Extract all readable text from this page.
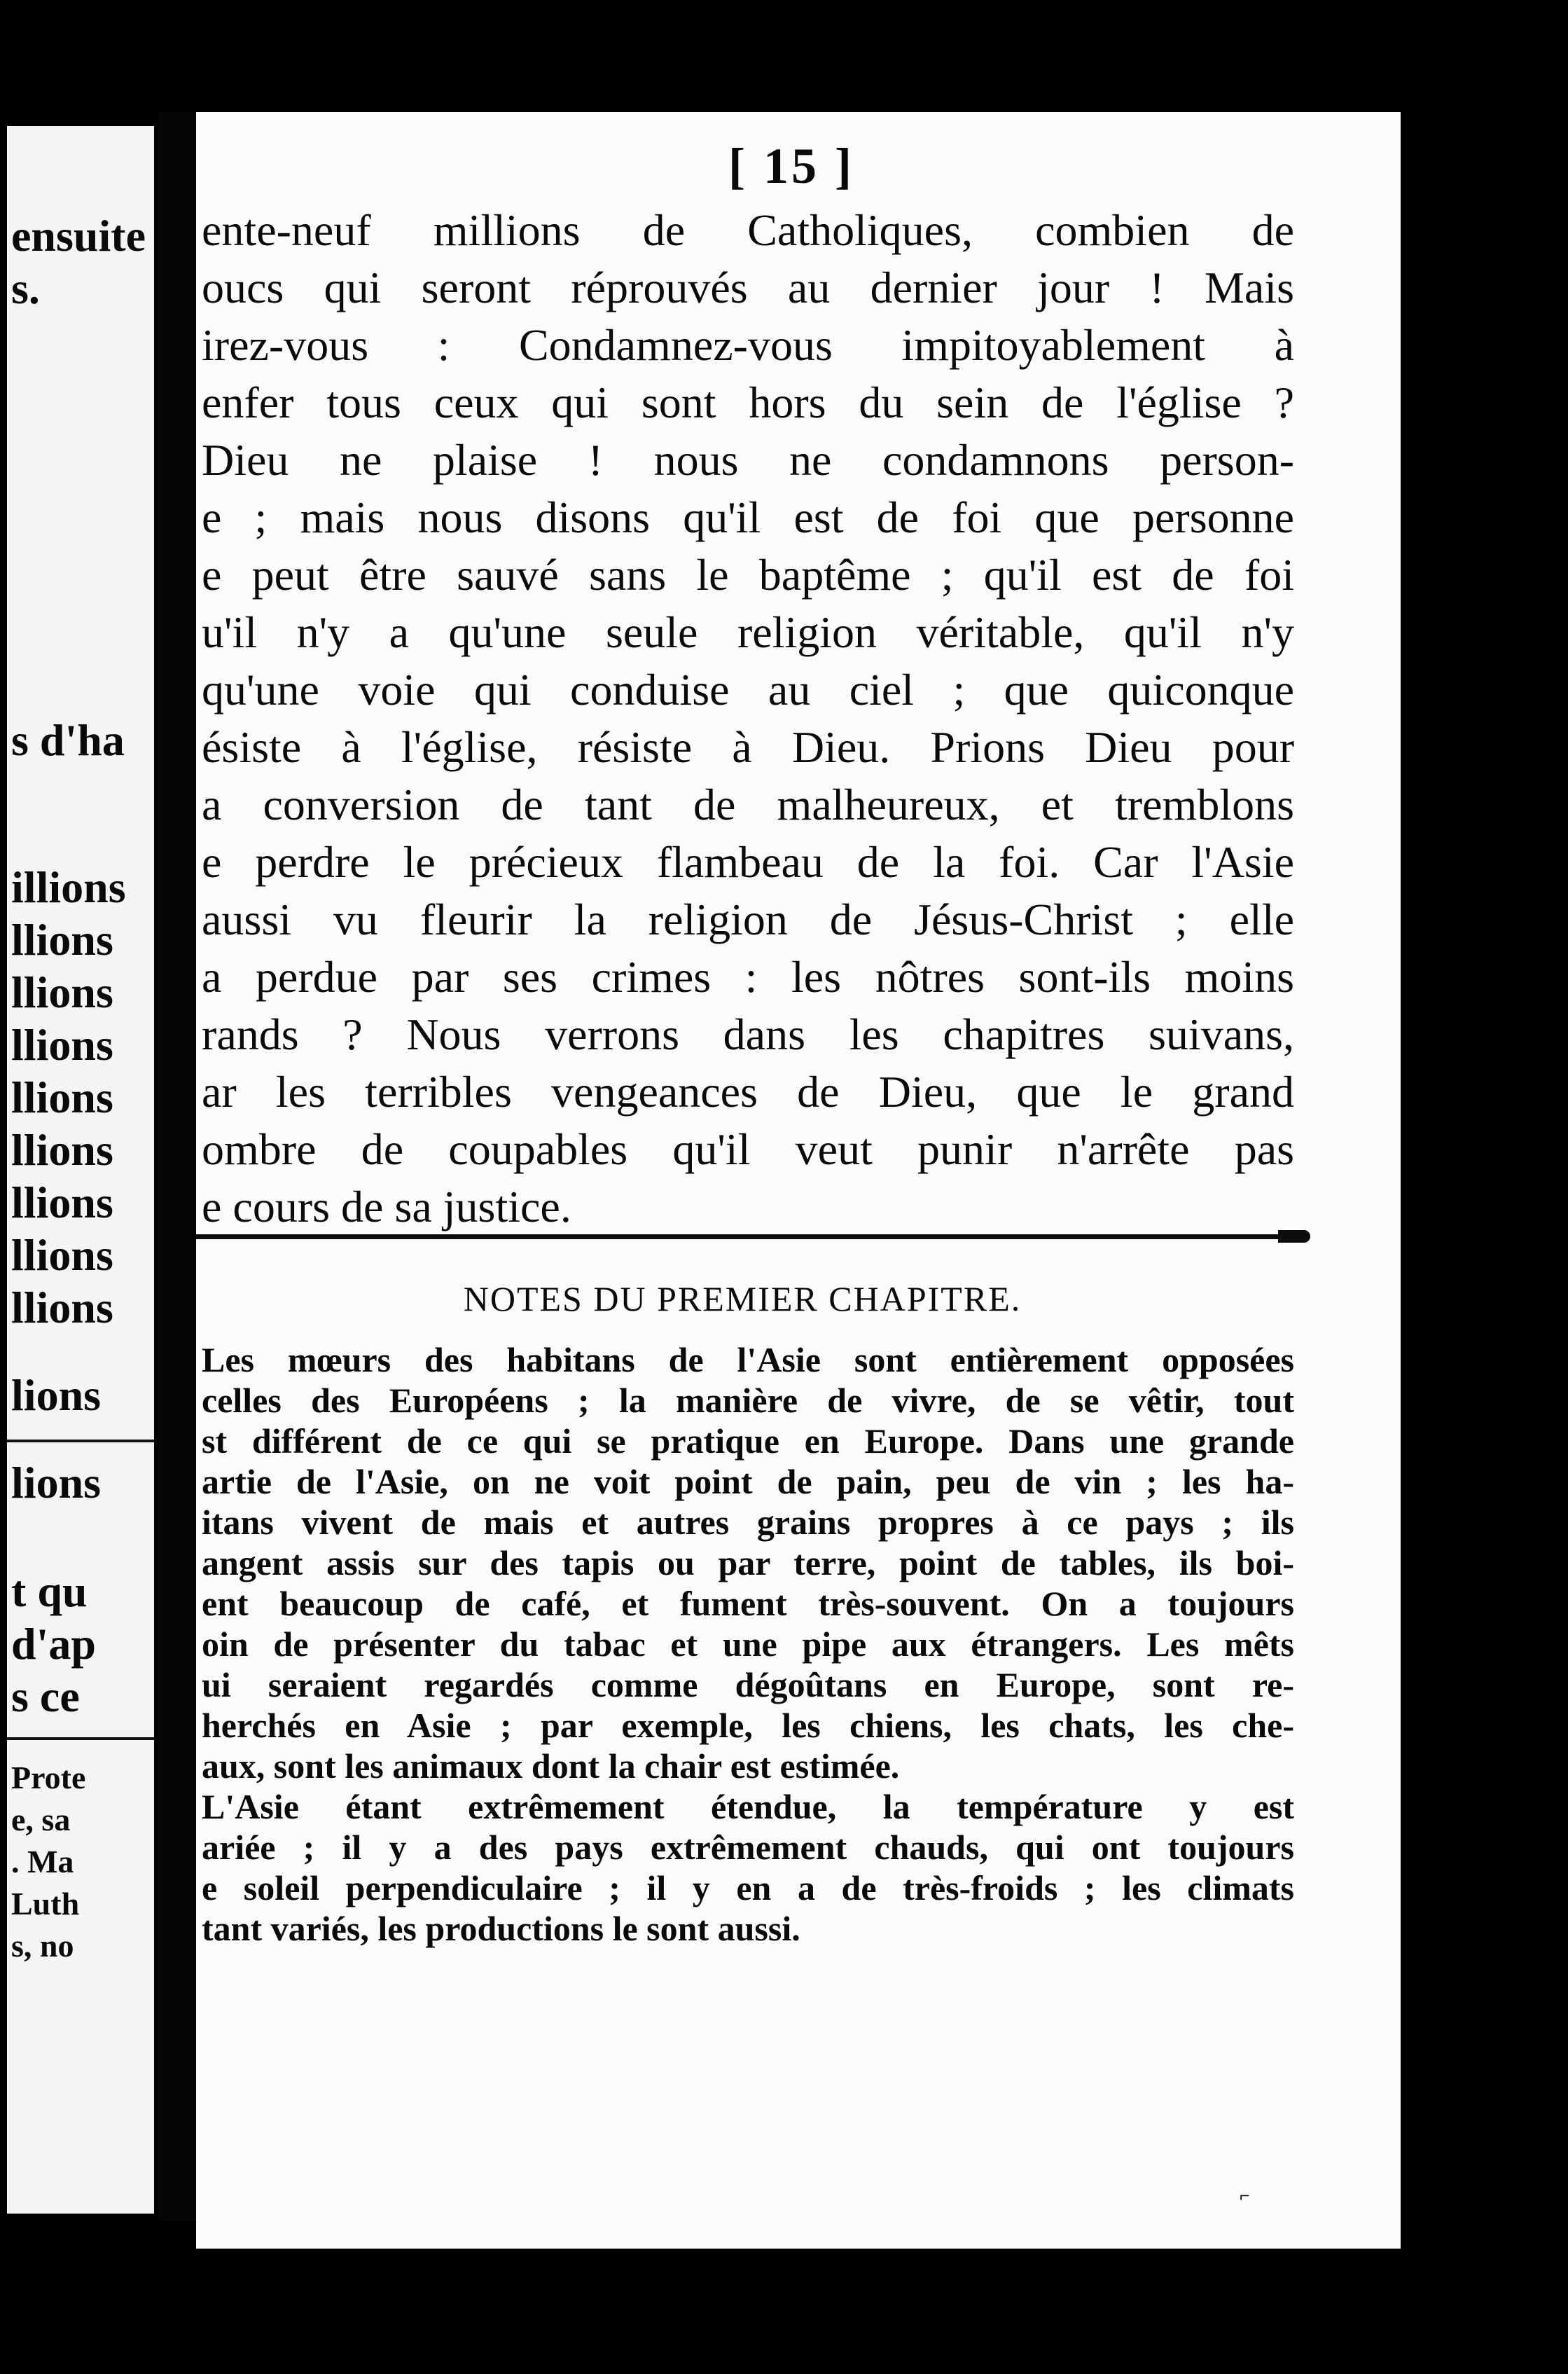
ensuite
s.
s d'ha
illions
llions
llions
llions
llions
llions
llions
llions
llions
lions
lions
t qu
d'ap
s ce
Prote
e, sa
. Ma
Luth
s, no
[ 15 ]
ente-neuf millions de Catholiques, combien de
oucs qui seront réprouvés au dernier jour ! Mais
irez-vous : Condamnez-vous impitoyablement à
enfer tous ceux qui sont hors du sein de l'église ?
Dieu ne plaise ! nous ne condamnons person-
e ; mais nous disons qu'il est de foi que personne
e peut être sauvé sans le baptême ; qu'il est de foi
u'il n'y a qu'une seule religion véritable, qu'il n'y
qu'une voie qui conduise au ciel ; que quiconque
ésiste à l'église, résiste à Dieu. Prions Dieu pour
a conversion de tant de malheureux, et tremblons
e perdre le précieux flambeau de la foi. Car l'Asie
aussi vu fleurir la religion de Jésus-Christ ; elle
a perdue par ses crimes : les nôtres sont-ils moins
rands ? Nous verrons dans les chapitres suivans,
ar les terribles vengeances de Dieu, que le grand
ombre de coupables qu'il veut punir n'arrête pas
e cours de sa justice.
NOTES DU PREMIER CHAPITRE.
Les mœurs des habitans de l'Asie sont entièrement opposées
celles des Européens ; la manière de vivre, de se vêtir, tout
st différent de ce qui se pratique en Europe. Dans une grande
artie de l'Asie, on ne voit point de pain, peu de vin ; les ha-
itans vivent de mais et autres grains propres à ce pays ; ils
angent assis sur des tapis ou par terre, point de tables, ils boi-
ent beaucoup de café, et fument très-souvent. On a toujours
oin de présenter du tabac et une pipe aux étrangers. Les mêts
ui seraient regardés comme dégoûtans en Europe, sont re-
herchés en Asie ; par exemple, les chiens, les chats, les che-
aux, sont les animaux dont la chair est estimée.
L'Asie étant extrêmement étendue, la température y est
ariée ; il y a des pays extrêmement chauds, qui ont toujours
e soleil perpendiculaire ; il y en a de très-froids ; les climats
tant variés, les productions le sont aussi.
⌐
